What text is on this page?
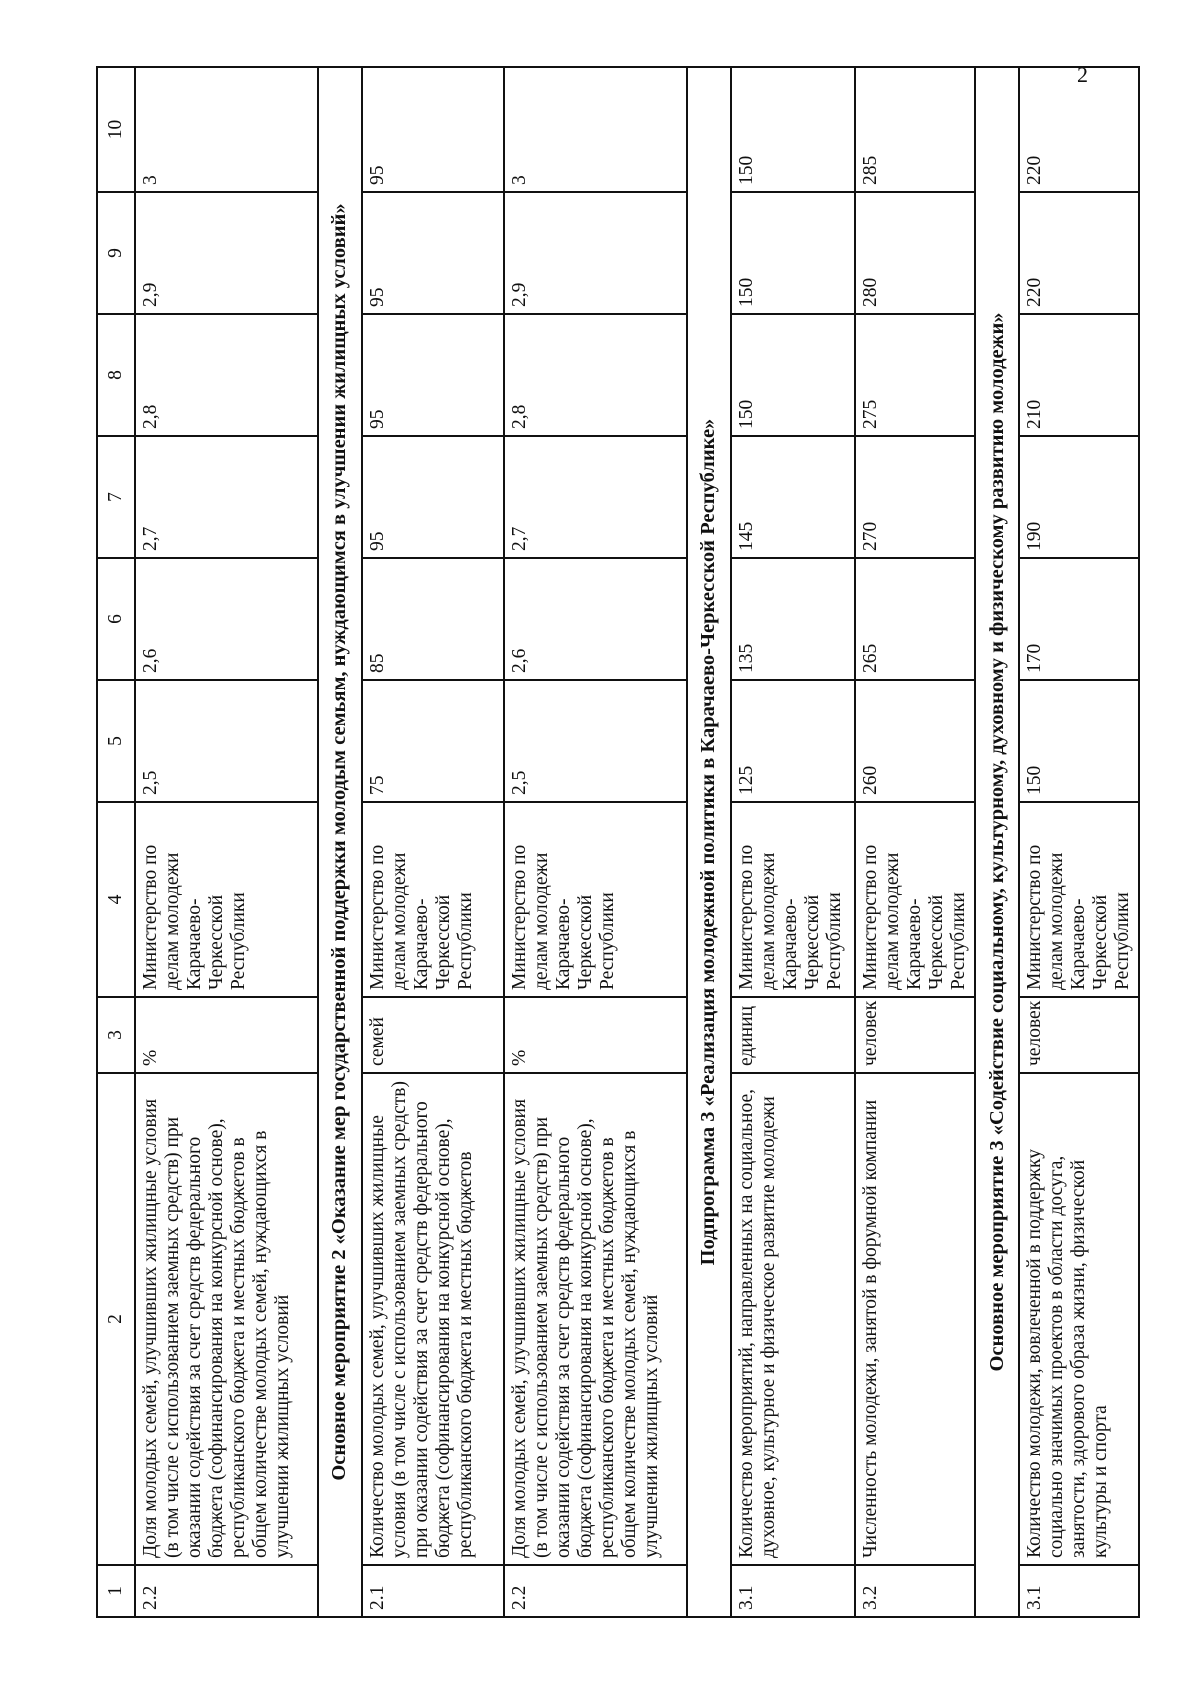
2
1	2	3	4	5	6	7	8	9	10
2.2	Доля молодых семей, улучшивших жилищные условия (в том числе с использованием заемных средств) при оказании содействия за счет средств федерального бюджета (софинансирования на конкурсной основе), республиканского бюджета и местных бюджетов в общем количестве молодых семей, нуждающихся в улучшении жилищных условий	%	Министерство по делам молодежи Карачаево-Черкесской Республики	2,5	2,6	2,7	2,8	2,9	3
Основное мероприятие 2 «Оказание мер государственной поддержки молодым семьям, нуждающимся в улучшении жилищных условий»									
2.1	Количество молодых семей, улучшивших жилищные условия (в том числе с использованием заемных средств) при оказании содействия за счет средств федерального бюджета (софинансирования на конкурсной основе), республиканского бюджета и местных бюджетов	семей	Министерство по делам молодежи Карачаево-Черкесской Республики	75	85	95	95	95	95
2.2	Доля молодых семей, улучшивших жилищные условия (в том числе с использованием заемных средств) при оказании содействия за счет средств федерального бюджета (софинансирования на конкурсной основе), республиканского бюджета и местных бюджетов в общем количестве молодых семей, нуждающихся в улучшении жилищных условий	%	Министерство по делам молодежи Карачаево-Черкесской Республики	2,5	2,6	2,7	2,8	2,9	3
Подпрограмма 3 «Реализация молодежной политики в Карачаево-Черкесской Республике»									
3.1	Количество мероприятий, направленных на социальное, духовное, культурное и физическое развитие молодежи	единиц	Министерство по делам молодежи Карачаево-Черкесской Республики	125	135	145	150	150	150
3.2	Численность молодежи, занятой в форумной компании	человек	Министерство по делам молодежи Карачаево-Черкесской Республики	260	265	270	275	280	285
Основное мероприятие 3 «Содействие социальному, культурному, духовному и физическому развитию молодежи»									
3.1	Количество молодежи, вовлеченной в поддержку социально значимых проектов в области досуга, занятости, здорового образа жизни, физической культуры и спорта	человек	Министерство по делам молодежи Карачаево-Черкесской Республики	150	170	190	210	220	220
